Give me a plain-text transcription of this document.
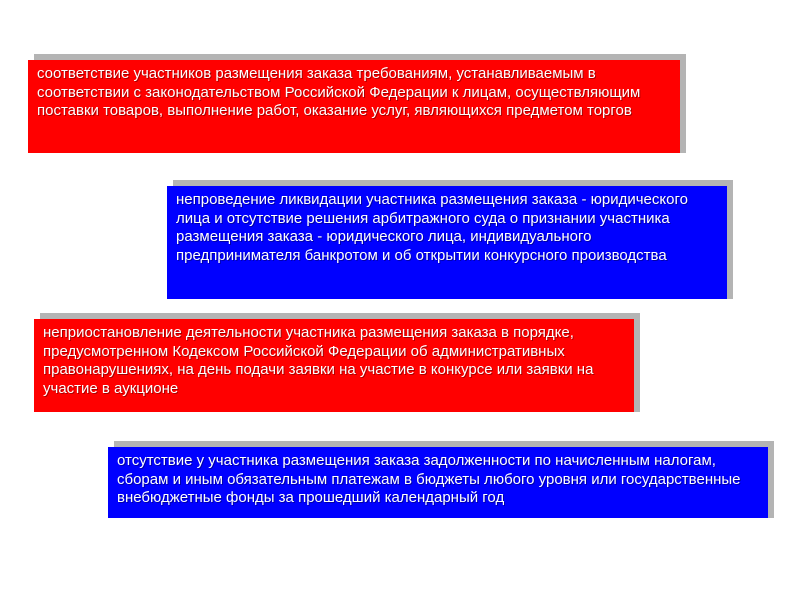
соответствие участников размещения заказа требованиям, устанавливаемым в соответствии с законодательством Российской Федерации к лицам, осуществляющим поставки товаров, выполнение работ, оказание услуг, являющихся предметом торгов
непроведение ликвидации участника размещения заказа - юридического лица и отсутствие решения арбитражного суда о признании участника размещения заказа - юридического лица, индивидуального предпринимателя банкротом и об открытии конкурсного производства
неприостановление деятельности участника размещения заказа в порядке, предусмотренном Кодексом Российской Федерации об административных правонарушениях, на день подачи заявки на участие в конкурсе или заявки на участие в аукционе
отсутствие у участника размещения заказа задолженности по начисленным налогам, сборам и иным обязательным платежам в бюджеты любого уровня или государственные внебюджетные фонды за прошедший календарный год
